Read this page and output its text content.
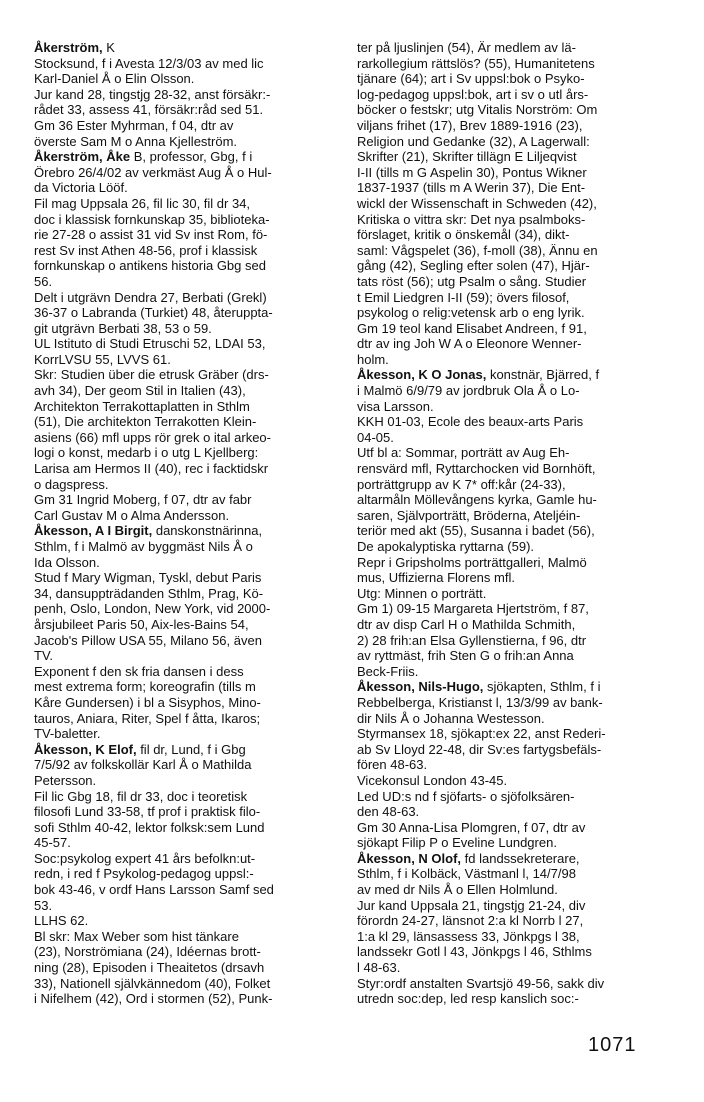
Åkerström, K
Stocksund, f i Avesta 12/3/03 av med lic
Karl-Daniel Å o Elin Olsson.
Jur kand 28, tingstjg 28-32, anst försäkr:-
rådet 33, assess 41, försäkr:råd sed 51.
Gm 36 Ester Myhrman, f 04, dtr av
överste Sam M o Anna Kjelleström.
Åkerström, Åke B, professor, Gbg, f i
Örebro 26/4/02 av verkmäst Aug Å o Hul-
da Victoria Lööf.
Fil mag Uppsala 26, fil lic 30, fil dr 34,
doc i klassisk fornkunskap 35, biblioteka-
rie 27-28 o assist 31 vid Sv inst Rom, fö-
rest Sv inst Athen 48-56, prof i klassisk
fornkunskap o antikens historia Gbg sed
56.
Delt i utgrävn Dendra 27, Berbati (Grekl)
36-37 o Labranda (Turkiet) 48, återuppta-
git utgrävn Berbati 38, 53 o 59.
UL Istituto di Studi Etruschi 52, LDAI 53,
KorrLVSU 55, LVVS 61.
Skr: Studien über die etrusk Gräber (drs-
avh 34), Der geom Stil in Italien (43),
Architekton Terrakottaplatten in Sthlm
(51), Die architekton Terrakotten Klein-
asiens (66) mfl upps rör grek o ital arkeo-
logi o konst, medarb i o utg L Kjellberg:
Larisa am Hermos II (40), rec i facktidskr
o dagspress.
Gm 31 Ingrid Moberg, f 07, dtr av fabr
Carl Gustav M o Alma Andersson.
Åkesson, A I Birgit, danskonstnärinna,
Sthlm, f i Malmö av byggmäst Nils Å o
Ida Olsson.
Stud f Mary Wigman, Tyskl, debut Paris
34, dansuppträdanden Sthlm, Prag, Kö-
penh, Oslo, London, New York, vid 2000-
årsjubileet Paris 50, Aix-les-Bains 54,
Jacob's Pillow USA 55, Milano 56, även
TV.
Exponent f den sk fria dansen i dess
mest extrema form; koreografin (tills m
Kåre Gundersen) i bl a Sisyphos, Mino-
tauros, Aniara, Riter, Spel f åtta, Ikaros;
TV-baletter.
Åkesson, K Elof, fil dr, Lund, f i Gbg
7/5/92 av folkskollär Karl Å o Mathilda
Petersson.
Fil lic Gbg 18, fil dr 33, doc i teoretisk
filosofi Lund 33-58, tf prof i praktisk filo-
sofi Sthlm 40-42, lektor folksk:sem Lund
45-57.
Soc:psykolog expert 41 års befolkn:ut-
redn, i red f Psykolog-pedagog uppsl:-
bok 43-46, v ordf Hans Larsson Samf sed
53.
LLHS 62.
Bl skr: Max Weber som hist tänkare
(23), Norströmiana (24), Idéernas brott-
ning (28), Episoden i Theaitetos (drsavh
33), Nationell självkännedom (40), Folket
i Nifelhem (42), Ord i stormen (52), Punk-
ter på ljuslinjen (54), Är medlem av lä-
rarkollegium rättslös? (55), Humanitetens
tjänare (64); art i Sv uppsl:bok o Psyko-
log-pedagog uppsl:bok, art i sv o utl års-
böcker o festskr; utg Vitalis Norström: Om
viljans frihet (17), Brev 1889-1916 (23),
Religion und Gedanke (32), A Lagerwall:
Skrifter (21), Skrifter tillägn E Liljeqvist
I-II (tills m G Aspelin 30), Pontus Wikner
1837-1937 (tills m A Werin 37), Die Ent-
wickl der Wissenschaft in Schweden (42),
Kritiska o vittra skr: Det nya psalmboks-
förslaget, kritik o önskemål (34), dikt-
saml: Vågspelet (36), f-moll (38), Ännu en
gång (42), Segling efter solen (47), Hjär-
tats röst (56); utg Psalm o sång. Studier
t Emil Liedgren I-II (59); övers filosof,
psykolog o relig:vetensk arb o eng lyrik.
Gm 19 teol kand Elisabet Andreen, f 91,
dtr av ing Joh W A o Eleonore Wenner-
holm.
Åkesson, K O Jonas, konstnär, Bjärred, f
i Malmö 6/9/79 av jordbruk Ola Å o Lo-
visa Larsson.
KKH 01-03, Ecole des beaux-arts Paris
04-05.
Utf bl a: Sommar, porträtt av Aug Eh-
rensvärd mfl, Ryttarchocken vid Bornhöft,
porträttgrupp av K 7* off:kår (24-33),
altarmåln Möllevångens kyrka, Gamle hu-
saren, Självporträtt, Bröderna, Ateljéin-
teriör med akt (55), Susanna i badet (56),
De apokalyptiska ryttarna (59).
Repr i Gripsholms porträttgalleri, Malmö
mus, Uffizierna Florens mfl.
Utg: Minnen o porträtt.
Gm 1) 09-15 Margareta Hjertström, f 87,
dtr av disp Carl H o Mathilda Schmith,
2) 28 frih:an Elsa Gyllenstierna, f 96, dtr
av ryttmäst, frih Sten G o frih:an Anna
Beck-Friis.
Åkesson, Nils-Hugo, sjökapten, Sthlm, f i
Rebbelberga, Kristianst l, 13/3/99 av bank-
dir Nils Å o Johanna Westesson.
Styrmansex 18, sjökapt:ex 22, anst Rederi-
ab Sv Lloyd 22-48, dir Sv:es fartygsbefäls-
fören 48-63.
Vicekonsul London 43-45.
Led UD:s nd f sjöfarts- o sjöfolksären-
den 48-63.
Gm 30 Anna-Lisa Plomgren, f 07, dtr av
sjökapt Filip P o Eveline Lundgren.
Åkesson, N Olof, fd landssekreterare,
Sthlm, f i Kolbäck, Västmanl l, 14/7/98
av med dr Nils Å o Ellen Holmlund.
Jur kand Uppsala 21, tingstjg 21-24, div
förordn 24-27, länsnot 2:a kl Norrb l 27,
1:a kl 29, länsassess 33, Jönkpgs l 38,
landssekr Gotl l 43, Jönkpgs l 46, Sthlms
l 48-63.
Styr:ordf anstalten Svartsjö 49-56, sakk div
utredn soc:dep, led resp kanslich soc:-
1071
